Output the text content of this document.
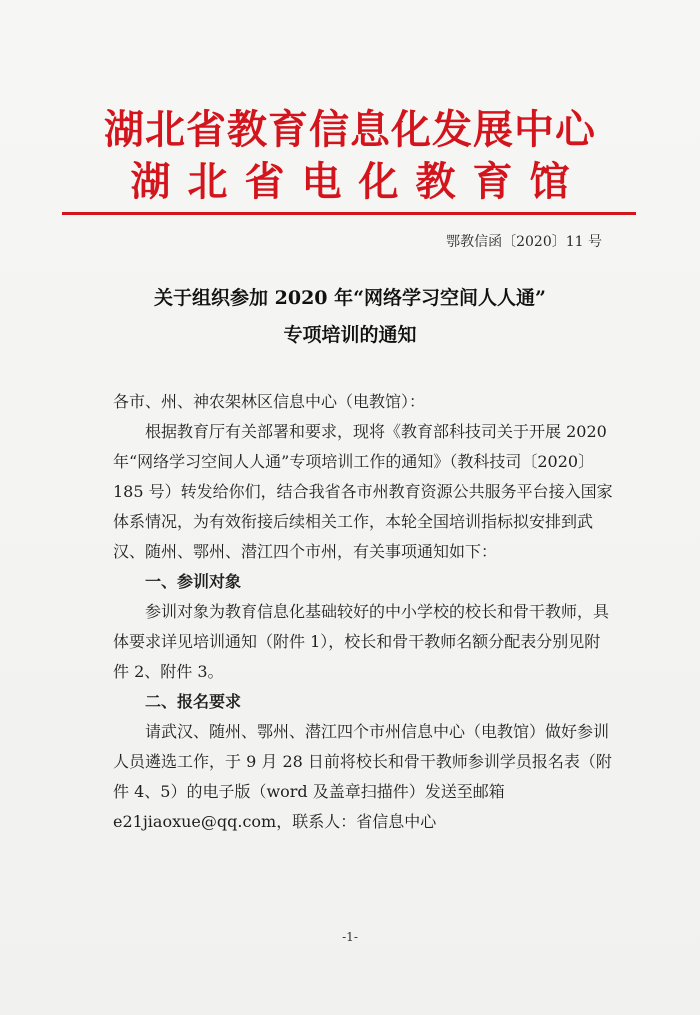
湖北省教育信息化发展中心
湖北省电化教育馆
鄂教信函〔2020〕11 号
关于组织参加 2020 年“网络学习空间人人通”
专项培训的通知

各市、州、神农架林区信息中心（电教馆）：

根据教育厅有关部署和要求，现将《教育部科技司关于开展 2020 年“网络学习空间人人通”专项培训工作的通知》（教科技司〔2020〕185 号）转发给你们，结合我省各市州教育资源公共服务平台接入国家体系情况，为有效衔接后续相关工作，本轮全国培训指标拟安排到武汉、随州、鄂州、潜江四个市州，有关事项通知如下：

一、参训对象

参训对象为教育信息化基础较好的中小学校的校长和骨干教师，具体要求详见培训通知（附件 1），校长和骨干教师名额分配表分别见附件 2、附件 3。

二、报名要求

请武汉、随州、鄂州、潜江四个市州信息中心（电教馆）做好参训人员遴选工作，于 9 月 28 日前将校长和骨干教师参训学员报名表（附件 4、5）的电子版（word 及盖章扫描件）发送至邮箱 e21jiaoxue@qq.com，联系人：省信息中心

-1-
